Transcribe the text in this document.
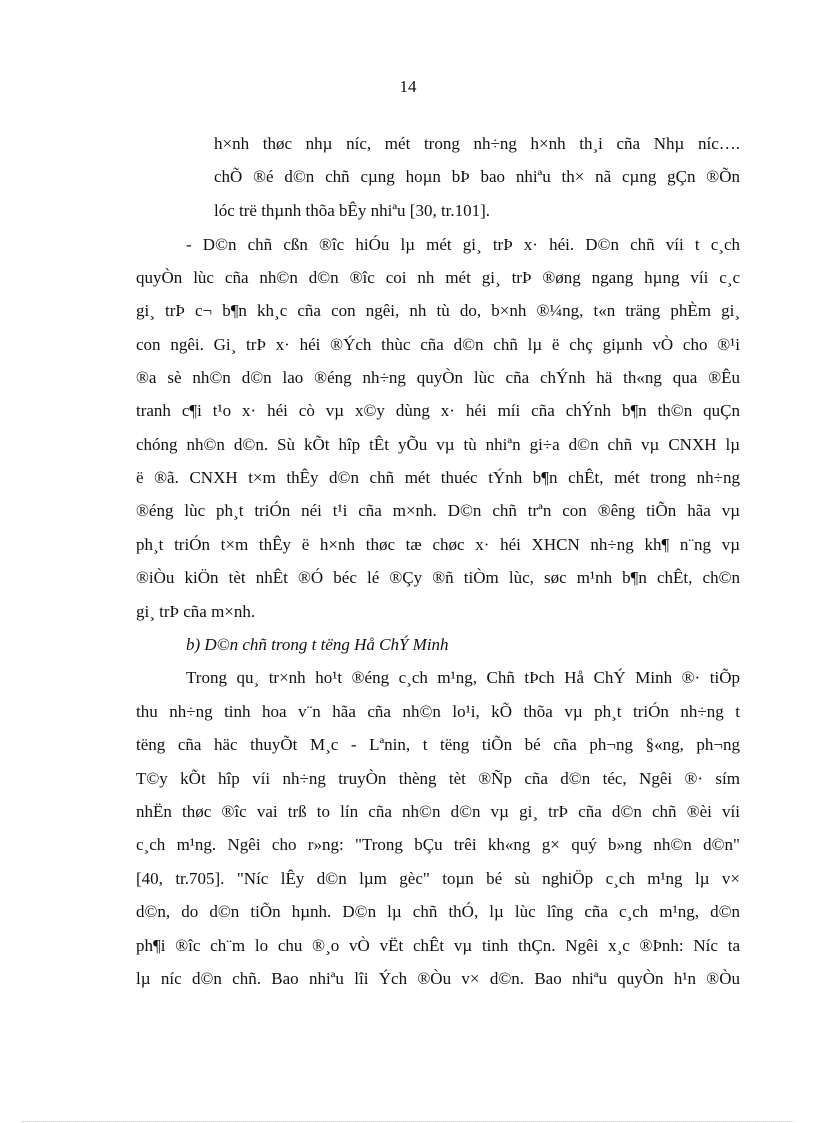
14
h×nh thøc nhµ níc, mét trong nh÷ng h×nh th¸i cña Nhµ níc….
chÕ ®é d©n chñ cµng hoµn bÞ bao nhiªu th× nã cµng gÇn ®Õn
lóc trë thµnh thõa bÊy nhiªu [30, tr.101].
- D©n chñ cßn ®îc hiÓu lµ mét gi¸ trÞ x· héi. D©n chñ víi t c¸ch
quyÒn lùc cña nh©n d©n ®îc coi nh mét gi¸ trÞ ®øng ngang hµng víi c¸c
gi¸ trÞ c¬ b¶n kh¸c cña con ngêi, nh tù do, b×nh ®¼ng, t«n träng phÈm gi¸
con ngêi. Gi¸ trÞ x· héi ®Ých thùc cña d©n chñ lµ ë chç giµnh vÒ cho ®¹i
®a sè nh©n d©n lao ®éng nh÷ng quyÒn lùc cña chÝnh hä th«ng qua ®Êu
tranh c¶i t¹o x· héi cò vµ x©y dùng x· héi míi cña chÝnh b¶n th©n quÇn
chóng nh©n d©n. Sù kÕt hîp tÊt yÕu vµ tù nhiªn gi÷a d©n chñ vµ CNXH lµ
ë ®ã. CNXH t×m thÊy d©n chñ mét thuéc tÝnh b¶n chÊt, mét trong nh÷ng
®éng lùc ph¸t triÓn néi t¹i cña m×nh. D©n chñ trªn con ®êng tiÕn hãa vµ
ph¸t triÓn t×m thÊy ë h×nh thøc tæ chøc x· héi XHCN nh÷ng kh¶ n¨ng vµ
®iÒu kiÖn tèt nhÊt ®Ó béc lé ®Çy ®ñ tiÒm lùc, søc m¹nh b¶n chÊt, ch©n
gi¸ trÞ cña m×nh.
b) D©n chñ trong t tëng Hå ChÝ Minh
Trong qu¸ tr×nh ho¹t ®éng c¸ch m¹ng, Chñ tÞch Hå ChÝ Minh ®· tiÕp
thu nh÷ng tinh hoa v¨n hãa cña nh©n lo¹i, kÕ thõa vµ ph¸t triÓn nh÷ng t
tëng cña häc thuyÕt M¸c - Lªnin, t tëng tiÕn bé cña ph¬ng §«ng, ph¬ng
T©y kÕt hîp víi nh÷ng truyÒn thèng tèt ®Ñp cña d©n téc, Ngêi ®· sím
nhËn thøc ®îc vai trß to lín cña nh©n d©n vµ gi¸ trÞ cña d©n chñ ®èi víi
c¸ch m¹ng. Ngêi cho r»ng: "Trong bÇu trêi kh«ng g× quý b»ng nh©n d©n"
[40, tr.705]. "Níc lÊy d©n lµm gèc" toµn bé sù nghiÖp c¸ch m¹ng lµ v×
d©n, do d©n tiÕn hµnh. D©n lµ chñ thÓ, lµ lùc lîng cña c¸ch m¹ng, d©n
ph¶i ®îc ch¨m lo chu ®¸o vÒ vËt chÊt vµ tinh thÇn. Ngêi x¸c ®Þnh: Níc ta
lµ níc d©n chñ. Bao nhiªu lîi Ých ®Òu v× d©n. Bao nhiªu quyÒn h¹n ®Òu
